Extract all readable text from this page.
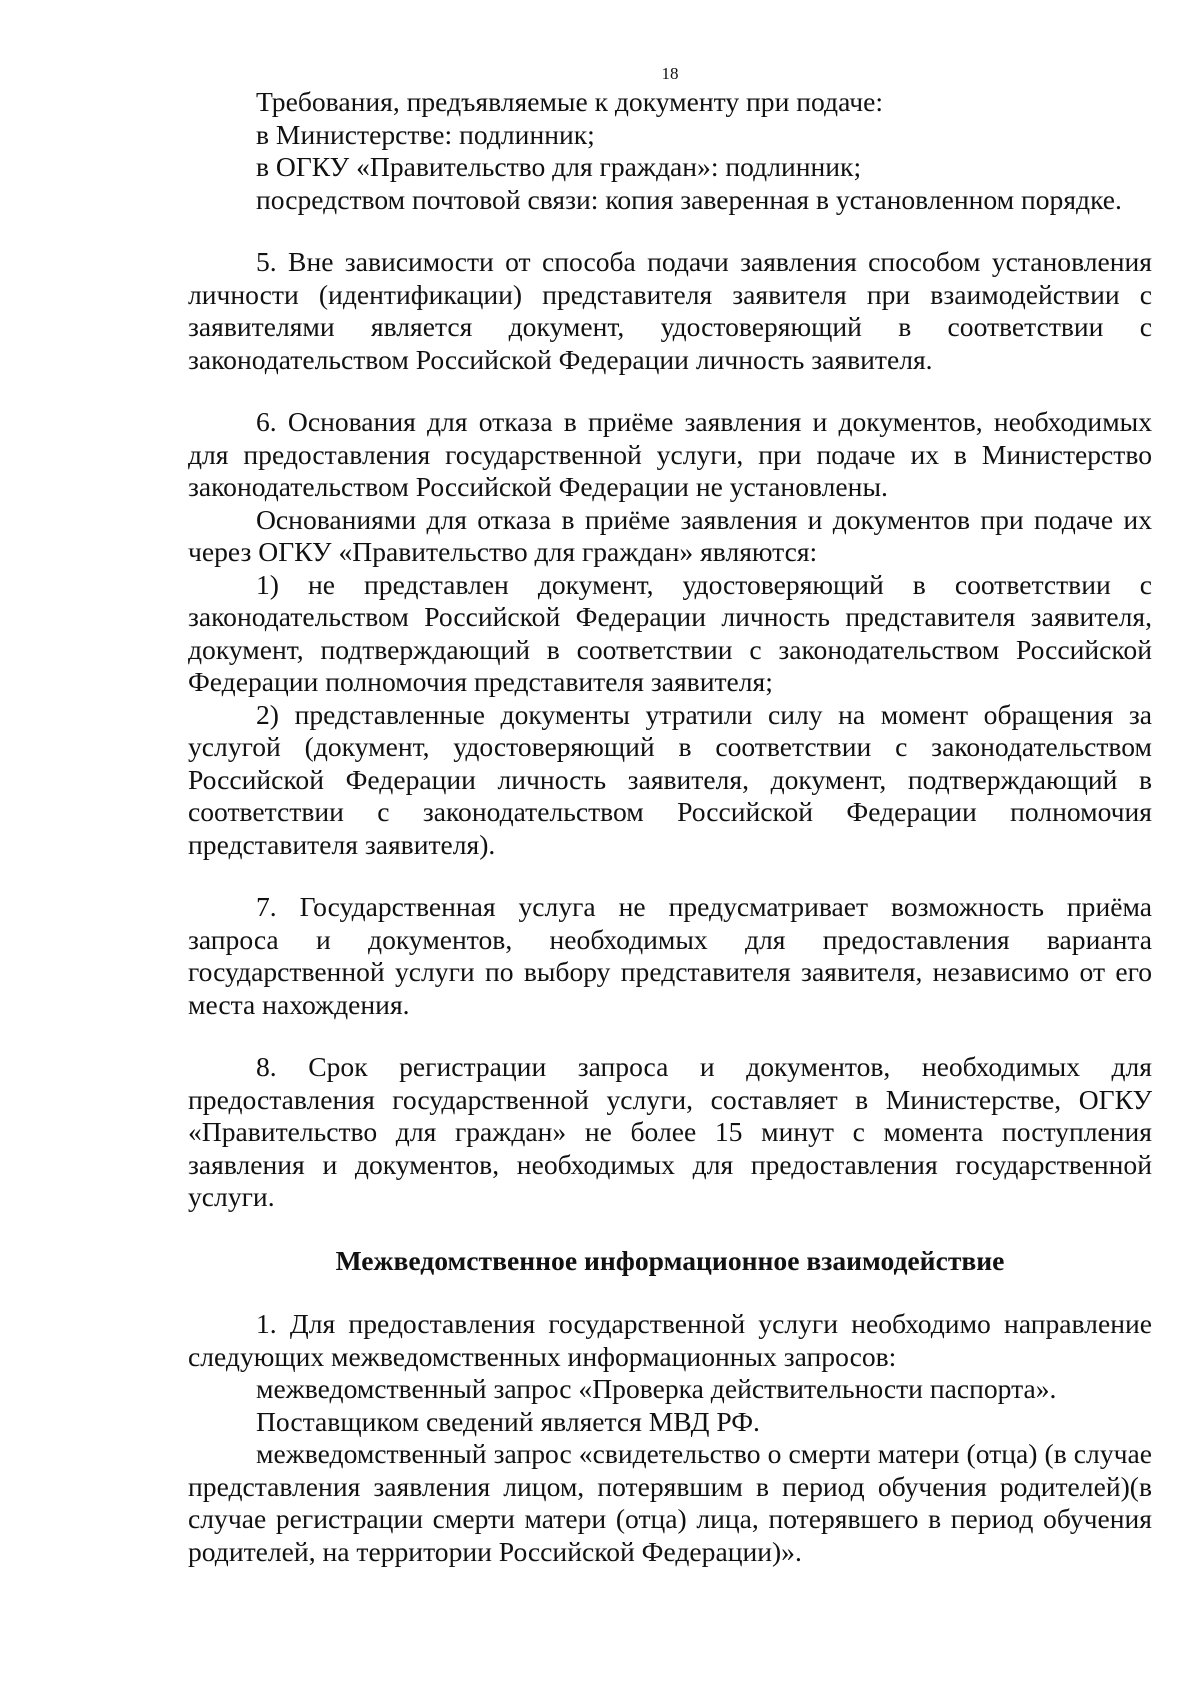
18

Требования, предъявляемые к документу при подаче:

в Министерстве: подлинник;

в ОГКУ «Правительство для граждан»: подлинник;

посредством почтовой связи: копия заверенная в установленном порядке.

5. Вне зависимости от способа подачи заявления способом установления личности (идентификации) представителя заявителя при взаимодействии с заявителями является документ, удостоверяющий в соответствии с законодательством Российской Федерации личность заявителя.

6. Основания для отказа в приёме заявления и документов, необходимых для предоставления государственной услуги, при подаче их в Министерство законодательством Российской Федерации не установлены.

Основаниями для отказа в приёме заявления и документов при подаче их через ОГКУ «Правительство для граждан» являются:

1) не представлен документ, удостоверяющий в соответствии с законодательством Российской Федерации личность представителя заявителя, документ, подтверждающий в соответствии с законодательством Российской Федерации полномочия представителя заявителя;

2) представленные документы утратили силу на момент обращения за услугой (документ, удостоверяющий в соответствии с законодательством Российской Федерации личность заявителя, документ, подтверждающий в соответствии с законодательством Российской Федерации полномочия представителя заявителя).

7. Государственная услуга не предусматривает возможность приёма запроса и документов, необходимых для предоставления варианта государственной услуги по выбору представителя заявителя, независимо от его места нахождения.

8. Срок регистрации запроса и документов, необходимых для предоставления государственной услуги, составляет в Министерстве, ОГКУ «Правительство для граждан» не более 15 минут с момента поступления заявления и документов, необходимых для предоставления государственной услуги.

Межведомственное информационное взаимодействие

1. Для предоставления государственной услуги необходимо направление следующих межведомственных информационных запросов:

межведомственный запрос «Проверка действительности паспорта».

Поставщиком сведений является МВД РФ.

межведомственный запрос «свидетельство о смерти матери (отца) (в случае представления заявления лицом, потерявшим в период обучения родителей)(в случае регистрации смерти матери (отца) лица, потерявшего в период обучения родителей, на территории Российской Федерации)».
